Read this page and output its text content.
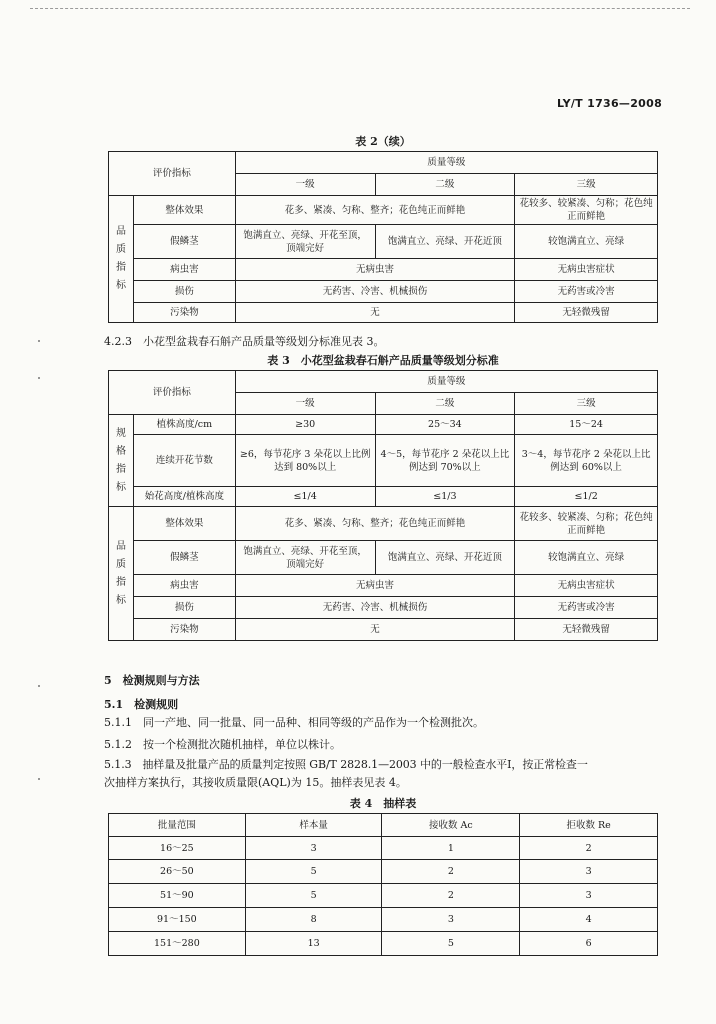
LY/T 1736—2008
表 2（续）
评价指标		质量等级		
		一级	二级	三级
品质指标	整体效果	花多、紧凑、匀称、整齐；花色纯正而鲜艳		花较多、较紧凑、匀称；花色纯正而鲜艳
	假鳞茎	饱满直立、亮绿、开花至顶，顶端完好	饱满直立、亮绿、开花近顶	较饱满直立、亮绿
	病虫害	无病虫害		无病虫害症状
	损伤	无药害、冷害、机械损伤		无药害或冷害
	污染物	无		无轻微残留
4.2.3　小花型盆栽春石斛产品质量等级划分标准见表 3。
表 3　小花型盆栽春石斛产品质量等级划分标准
评价指标		质量等级		
		一级	二级	三级
规格指标	植株高度/cm	≥30	25～34	15～24
	连续开花节数	≥6，每节花序 3 朵花以上比例达到 80%以上	4～5，每节花序 2 朵花以上比例达到 70%以上	3～4，每节花序 2 朵花以上比例达到 60%以上
	始花高度/植株高度	≤1/4	≤1/3	≤1/2
品质指标	整体效果	花多、紧凑、匀称、整齐；花色纯正而鲜艳		花较多、较紧凑、匀称；花色纯正而鲜艳
	假鳞茎	饱满直立、亮绿、开花至顶，顶端完好	饱满直立、亮绿、开花近顶	较饱满直立、亮绿
	病虫害	无病虫害		无病虫害症状
	损伤	无药害、冷害、机械损伤		无药害或冷害
	污染物	无		无轻微残留
5　检测规则与方法
5.1　检测规则
5.1.1　同一产地、同一批量、同一品种、相同等级的产品作为一个检测批次。
5.1.2　按一个检测批次随机抽样，单位以株计。
5.1.3　抽样量及批量产品的质量判定按照 GB/T 2828.1—2003 中的一般检查水平Ⅰ，按正常检查一
次抽样方案执行，其接收质量限(AQL)为 15。抽样表见表 4。
表 4　抽样表
批量范围	样本量	接收数 Ac	拒收数 Re
16～25	3	1	2
26～50	5	2	3
51～90	5	2	3
91～150	8	3	4
151～280	13	5	6
